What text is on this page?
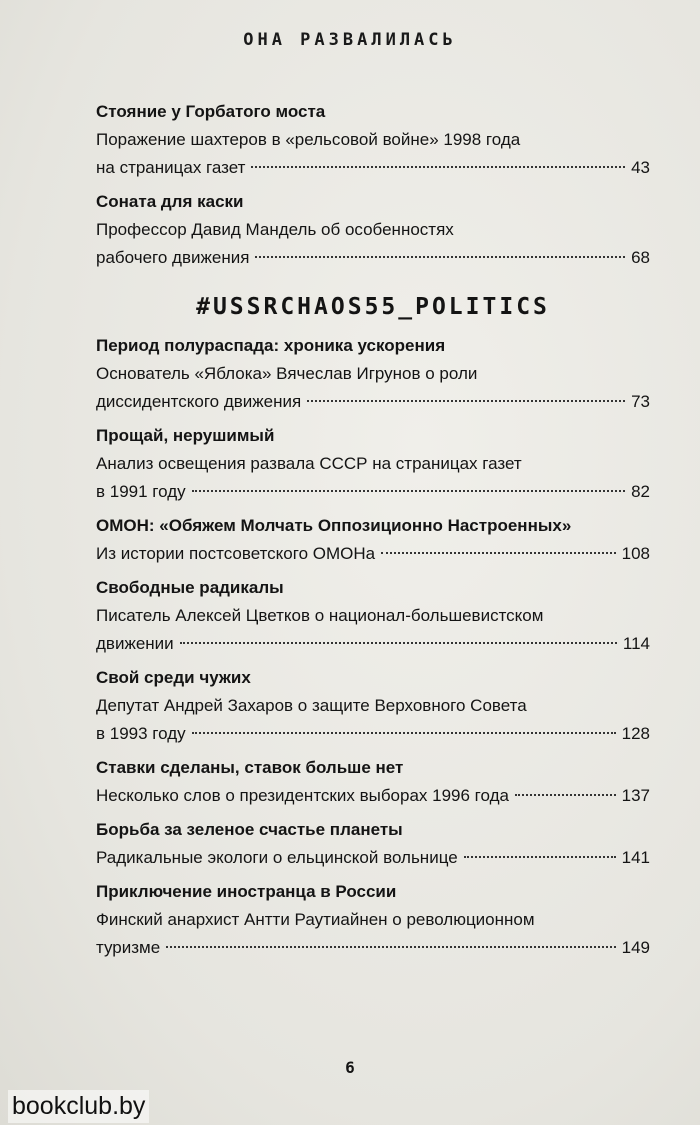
ОНА РАЗВАЛИЛАСЬ
Стояние у Горбатого моста
Поражение шахтеров в «рельсовой войне» 1998 года
на страницах газет	43
Соната для каски
Профессор Давид Мандель об особенностях
рабочего движения	68
#USSRCHAOS55_POLITICS
Период полураспада: хроника ускорения
Основатель «Яблока» Вячеслав Игрунов о роли
диссидентского движения	73
Прощай, нерушимый
Анализ освещения развала СССР на страницах газет
в 1991 году	82
ОМОН: «Обяжем Молчать Оппозиционно Настроенных»
Из истории постсоветского ОМОНа	108
Свободные радикалы
Писатель Алексей Цветков о национал-большевистском
движении	114
Свой среди чужих
Депутат Андрей Захаров о защите Верховного Совета
в 1993 году	128
Ставки сделаны, ставок больше нет
Несколько слов о президентских выборах 1996 года	137
Борьба за зеленое счастье планеты
Радикальные экологи о ельцинской вольнице	141
Приключение иностранца в России
Финский анархист Антти Раутиайнен о революционном
туризме	149
6
bookclub.by
